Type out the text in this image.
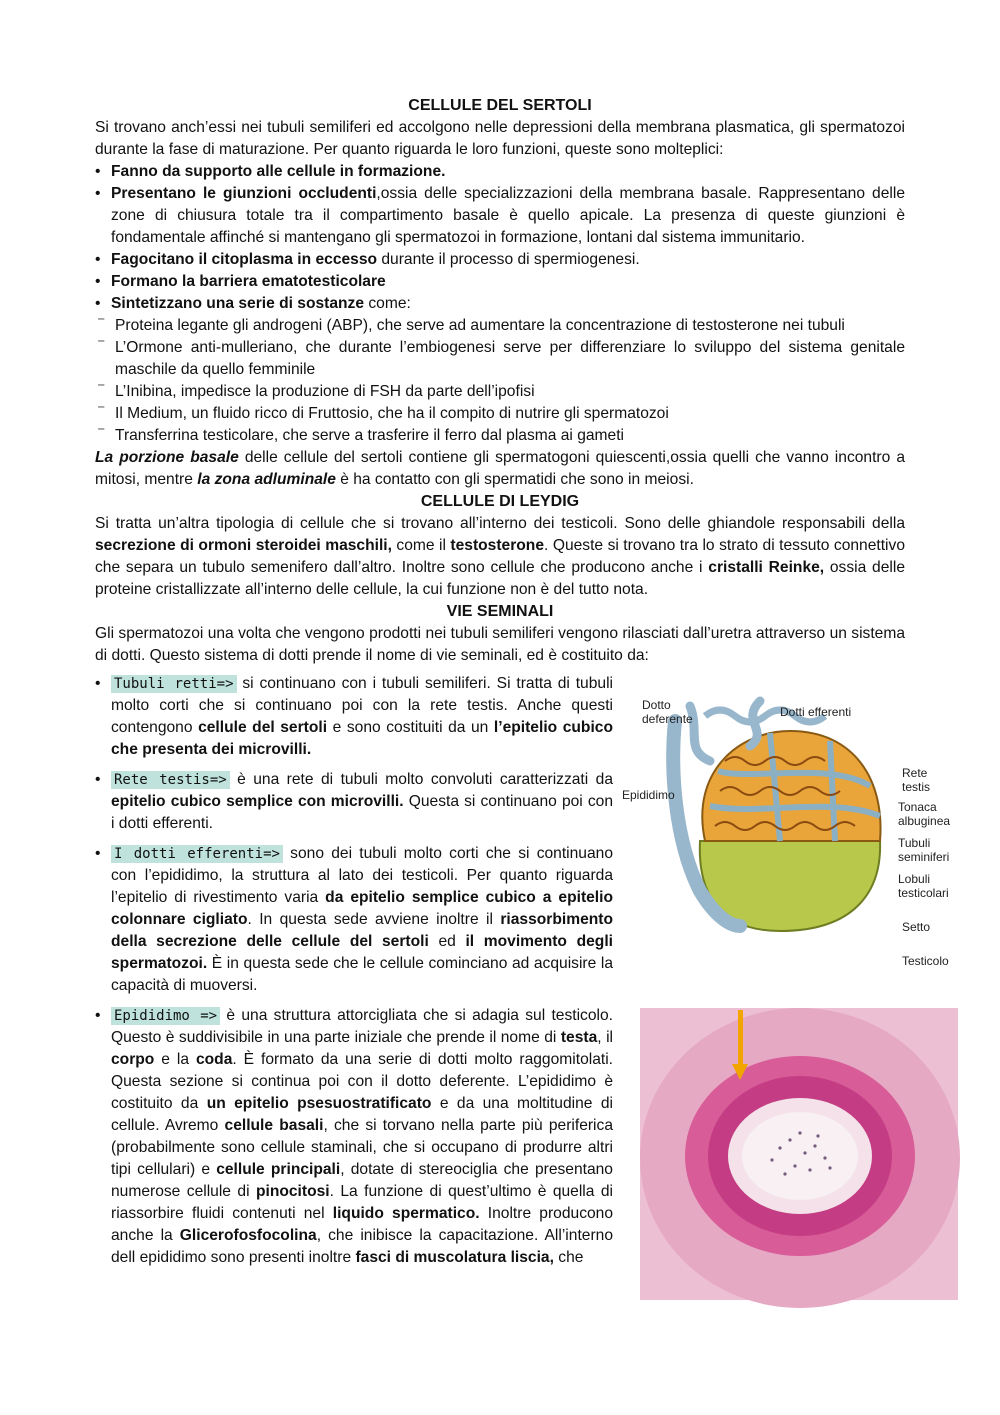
CELLULE DEL SERTOLI

Si trovano anch’essi nei tubuli semiliferi ed accolgono nelle depressioni della membrana plasmatica, gli spermatozoi durante la fase di maturazione. Per quanto riguarda le loro funzioni, queste sono molteplici:

• Fanno da supporto alle cellule in formazione.
• Presentano le giunzioni occludenti,ossia delle specializzazioni della membrana basale. Rappresentano delle zone di chiusura totale tra il compartimento basale è quello apicale. La presenza di queste giunzioni è fondamentale affinché si mantengano gli spermatozoi in formazione, lontani dal sistema immunitario.
• Fagocitano il citoplasma in eccesso durante il processo di spermiogenesi.
• Formano la barriera ematotesticolare
• Sintetizzano una serie di sostanze come:
⁻ Proteina legante gli androgeni (ABP), che serve ad aumentare la concentrazione di testosterone nei tubuli
⁻ L’Ormone anti-mulleriano, che durante l’embiogenesi serve per differenziare lo sviluppo del sistema genitale maschile da quello femminile
⁻ L’Inibina, impedisce la produzione di FSH da parte dell’ipofisi
⁻ Il Medium, un fluido ricco di Fruttosio, che ha il compito di nutrire gli spermatozoi
⁻ Transferrina testicolare, che serve a trasferire il ferro dal plasma ai gameti

La porzione basale delle cellule del sertoli contiene gli spermatogoni quiescenti,ossia quelli che vanno incontro a mitosi, mentre la zona adluminale è ha contatto con gli spermatidi che sono in meiosi.

CELLULE DI LEYDIG

Si tratta un’altra tipologia di cellule che si trovano all’interno dei testicoli. Sono delle ghiandole responsabili della secrezione di ormoni steroidei maschili, come il testosterone. Queste si trovano tra lo strato di tessuto connettivo che separa un tubulo semenifero dall’altro. Inoltre sono cellule che producono anche i cristalli Reinke, ossia delle proteine cristallizzate all’interno delle cellule, la cui funzione non è del tutto nota.

VIE SEMINALI

Gli spermatozoi una volta che vengono prodotti nei tubuli semiliferi vengono rilasciati dall’uretra attraverso un sistema di dotti. Questo sistema di dotti prende il nome di vie seminali, ed è costituito da:

• Tubuli retti=> si continuano con i tubuli semiliferi. Si tratta di tubuli molto corti che si continuano poi con la rete testis. Anche questi contengono cellule del sertoli e sono costituiti da un l’epitelio cubico che presenta dei microvilli.
• Rete testis=> è una rete di tubuli molto convoluti caratterizzati da epitelio cubico semplice con microvilli. Questa si continuano poi con i dotti efferenti.
• I dotti efferenti=> sono dei tubuli molto corti che si continuano con l’epididimo, la struttura al lato dei testicoli. Per quanto riguarda l’epitelio di rivestimento varia da epitelio semplice cubico a epitelio colonnare cigliato. In questa sede avviene inoltre il riassorbimento della secrezione delle cellule del sertoli ed il movimento degli spermatozoi. È in questa sede che le cellule cominciano ad acquisire la capacità di muoversi.
• Epididimo => è una struttura attorcigliata che si adagia sul testicolo. Questo è suddivisibile in una parte iniziale che prende il nome di testa, il corpo e la coda. È formato da una serie di dotti molto raggomitolati. Questa sezione si continua poi con il dotto deferente. L’epididimo è costituito da un epitelio psesuostratificato e da una moltitudine di cellule. Avremo cellule basali, che si torvano nella parte più periferica (probabilmente sono cellule staminali, che si occupano di produrre altri tipi cellulari) e cellule principali, dotate di stereociglia che presentano numerose cellule di pinocitosi. La funzione di quest’ultimo è quella di riassorbire fluidi contenuti nel liquido spermatico. Inoltre producono anche la Glicerofosfocolina, che inibisce la capacitazione. All’interno dell epididimo sono presenti inoltre fasci di muscolatura liscia, che
Dotto
deferente	Dotti efferenti
Rete
testis
Tonaca
albuginea
Epididimo
Tubuli
seminiferi
Lobuli
testicolari
Setto
Testicolo
